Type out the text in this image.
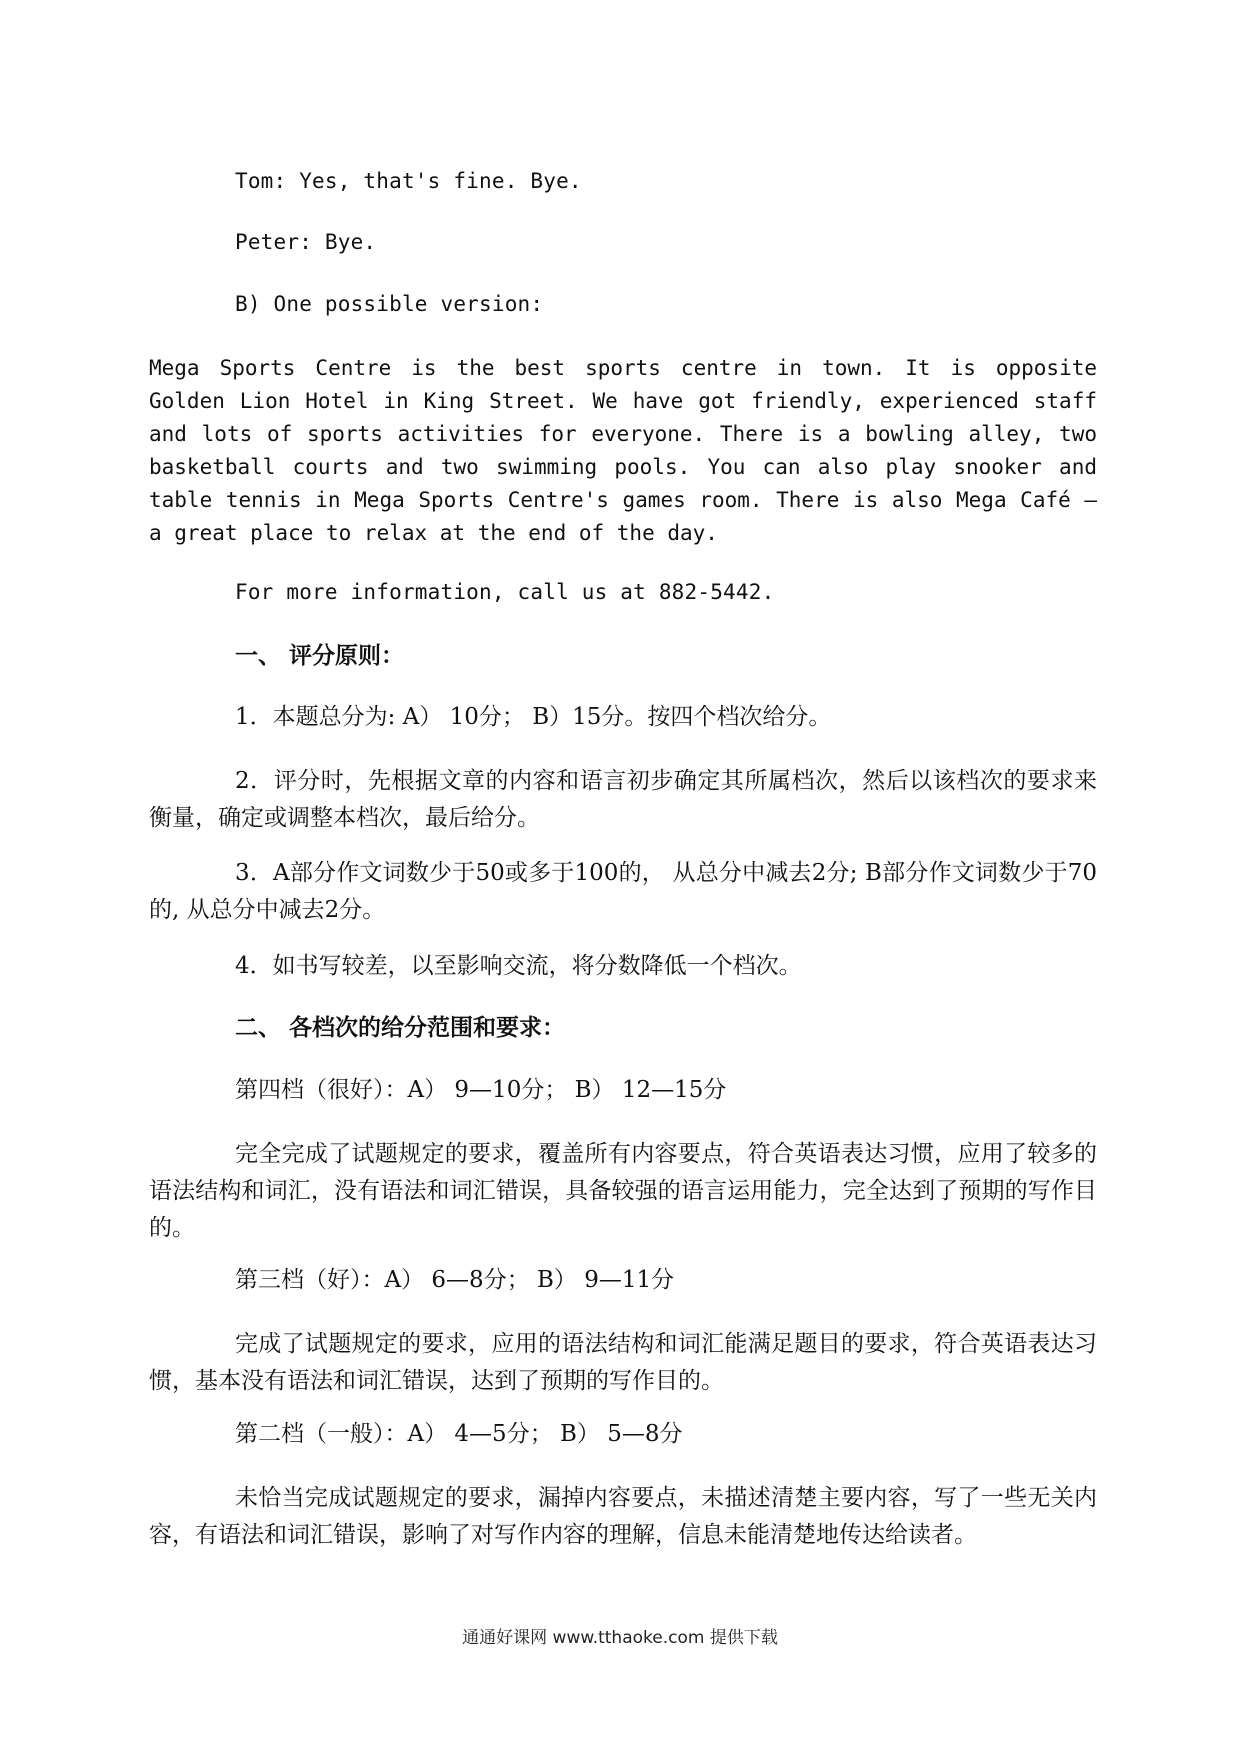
Tom: Yes, that's fine. Bye.
Peter: Bye.
B) One possible version:
Mega Sports Centre is the best sports centre in town. It is opposite Golden Lion Hotel in King Street. We have got friendly, experienced staff and lots of sports activities for everyone. There is a bowling alley, two basketball courts and two swimming pools. You can also play snooker and table tennis in Mega Sports Centre's games room. There is also Mega Café — a great place to relax at the end of the day.
For more information, call us at 882-5442.
一、 评分原则：
1．本题总分为: A） 10分； B）15分。按四个档次给分。
2．评分时，先根据文章的内容和语言初步确定其所属档次，然后以该档次的要求来衡量，确定或调整本档次，最后给分。
3．A部分作文词数少于50或多于100的， 从总分中减去2分; B部分作文词数少于70的, 从总分中减去2分。
4．如书写较差，以至影响交流，将分数降低一个档次。
二、 各档次的给分范围和要求：
第四档（很好）：A） 9—10分； B） 12—15分
完全完成了试题规定的要求，覆盖所有内容要点，符合英语表达习惯，应用了较多的语法结构和词汇，没有语法和词汇错误，具备较强的语言运用能力，完全达到了预期的写作目的。
第三档（好）：A） 6—8分； B） 9—11分
完成了试题规定的要求，应用的语法结构和词汇能满足题目的要求，符合英语表达习惯，基本没有语法和词汇错误，达到了预期的写作目的。
第二档（一般）：A） 4—5分； B） 5—8分
未恰当完成试题规定的要求，漏掉内容要点，未描述清楚主要内容，写了一些无关内容，有语法和词汇错误，影响了对写作内容的理解，信息未能清楚地传达给读者。
通通好课网 www.tthaoke.com 提供下载
